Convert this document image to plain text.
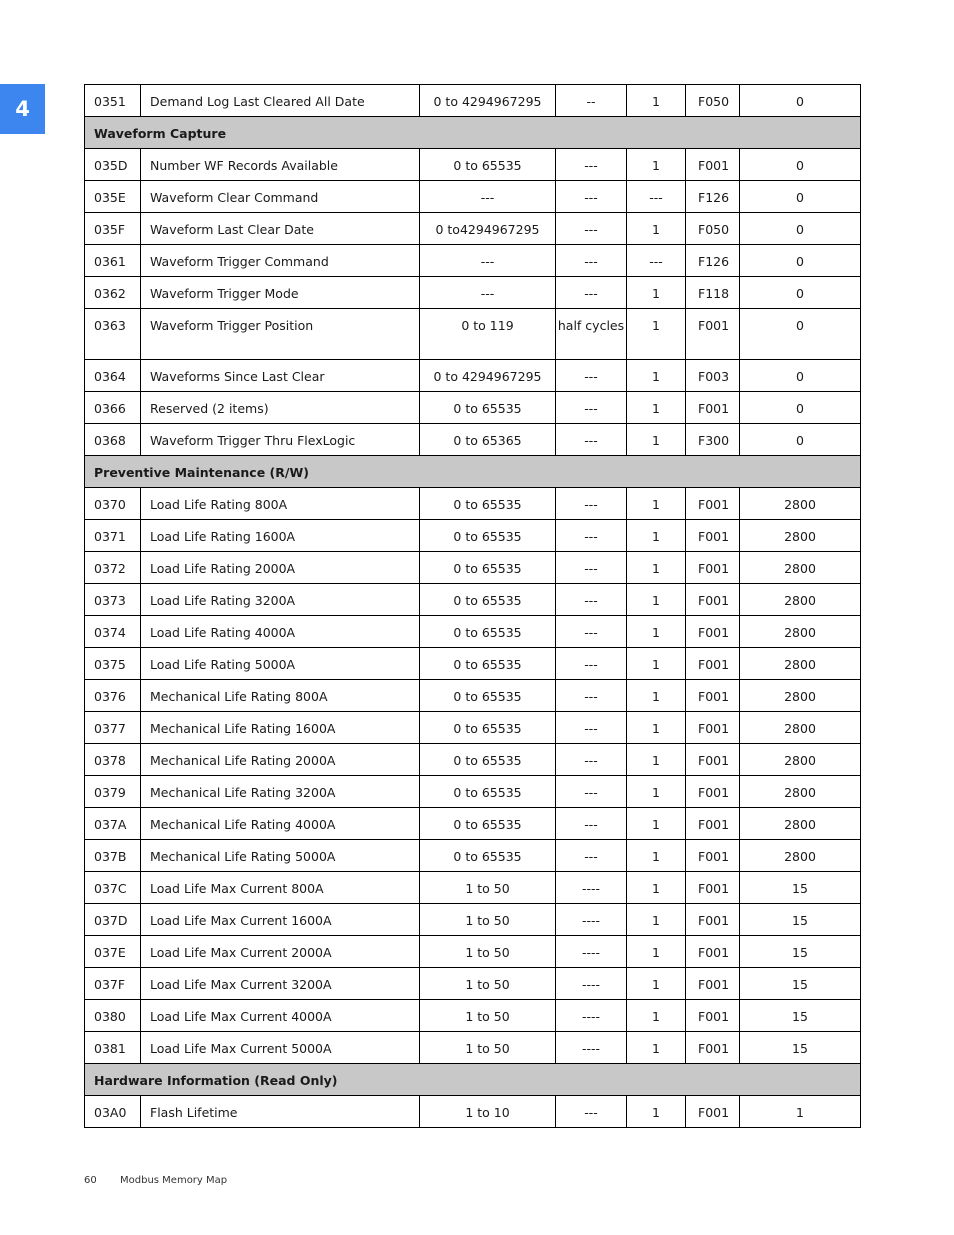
4	0351	Demand Log Last Cleared All Date	0 to 4294967295	--	1	F050	0
Waveform Capture						
035D	Number WF Records Available	0 to 65535	---	1	F001	0
035E	Waveform Clear Command	---	---	---	F126	0
035F	Waveform Last Clear Date	0 to4294967295	---	1	F050	0
0361	Waveform Trigger Command	---	---	---	F126	0
0362	Waveform Trigger Mode	---	---	1	F118	0
0363	Waveform Trigger Position	0 to 119	half cycles	1	F001	0
0364	Waveforms Since Last Clear	0 to 4294967295	---	1	F003	0
0366	Reserved (2 items)	0 to 65535	---	1	F001	0
0368	Waveform Trigger Thru FlexLogic	0 to 65365	---	1	F300	0
Preventive Maintenance (R/W)						
0370	Load Life Rating 800A	0 to 65535	---	1	F001	2800
0371	Load Life Rating 1600A	0 to 65535	---	1	F001	2800
0372	Load Life Rating 2000A	0 to 65535	---	1	F001	2800
0373	Load Life Rating 3200A	0 to 65535	---	1	F001	2800
0374	Load Life Rating 4000A	0 to 65535	---	1	F001	2800
0375	Load Life Rating 5000A	0 to 65535	---	1	F001	2800
0376	Mechanical Life Rating 800A	0 to 65535	---	1	F001	2800
0377	Mechanical Life Rating 1600A	0 to 65535	---	1	F001	2800
0378	Mechanical Life Rating 2000A	0 to 65535	---	1	F001	2800
0379	Mechanical Life Rating 3200A	0 to 65535	---	1	F001	2800
037A	Mechanical Life Rating 4000A	0 to 65535	---	1	F001	2800
037B	Mechanical Life Rating 5000A	0 to 65535	---	1	F001	2800
037C	Load Life Max Current 800A	1 to 50	----	1	F001	15
037D	Load Life Max Current 1600A	1 to 50	----	1	F001	15
037E	Load Life Max Current 2000A	1 to 50	----	1	F001	15
037F	Load Life Max Current 3200A	1 to 50	----	1	F001	15
0380	Load Life Max Current 4000A	1 to 50	----	1	F001	15
0381	Load Life Max Current 5000A	1 to 50	----	1	F001	15
Hardware Information (Read Only)						
03A0	Flash Lifetime	1 to 10	---	1	F001	1
60 Modbus Memory Map
